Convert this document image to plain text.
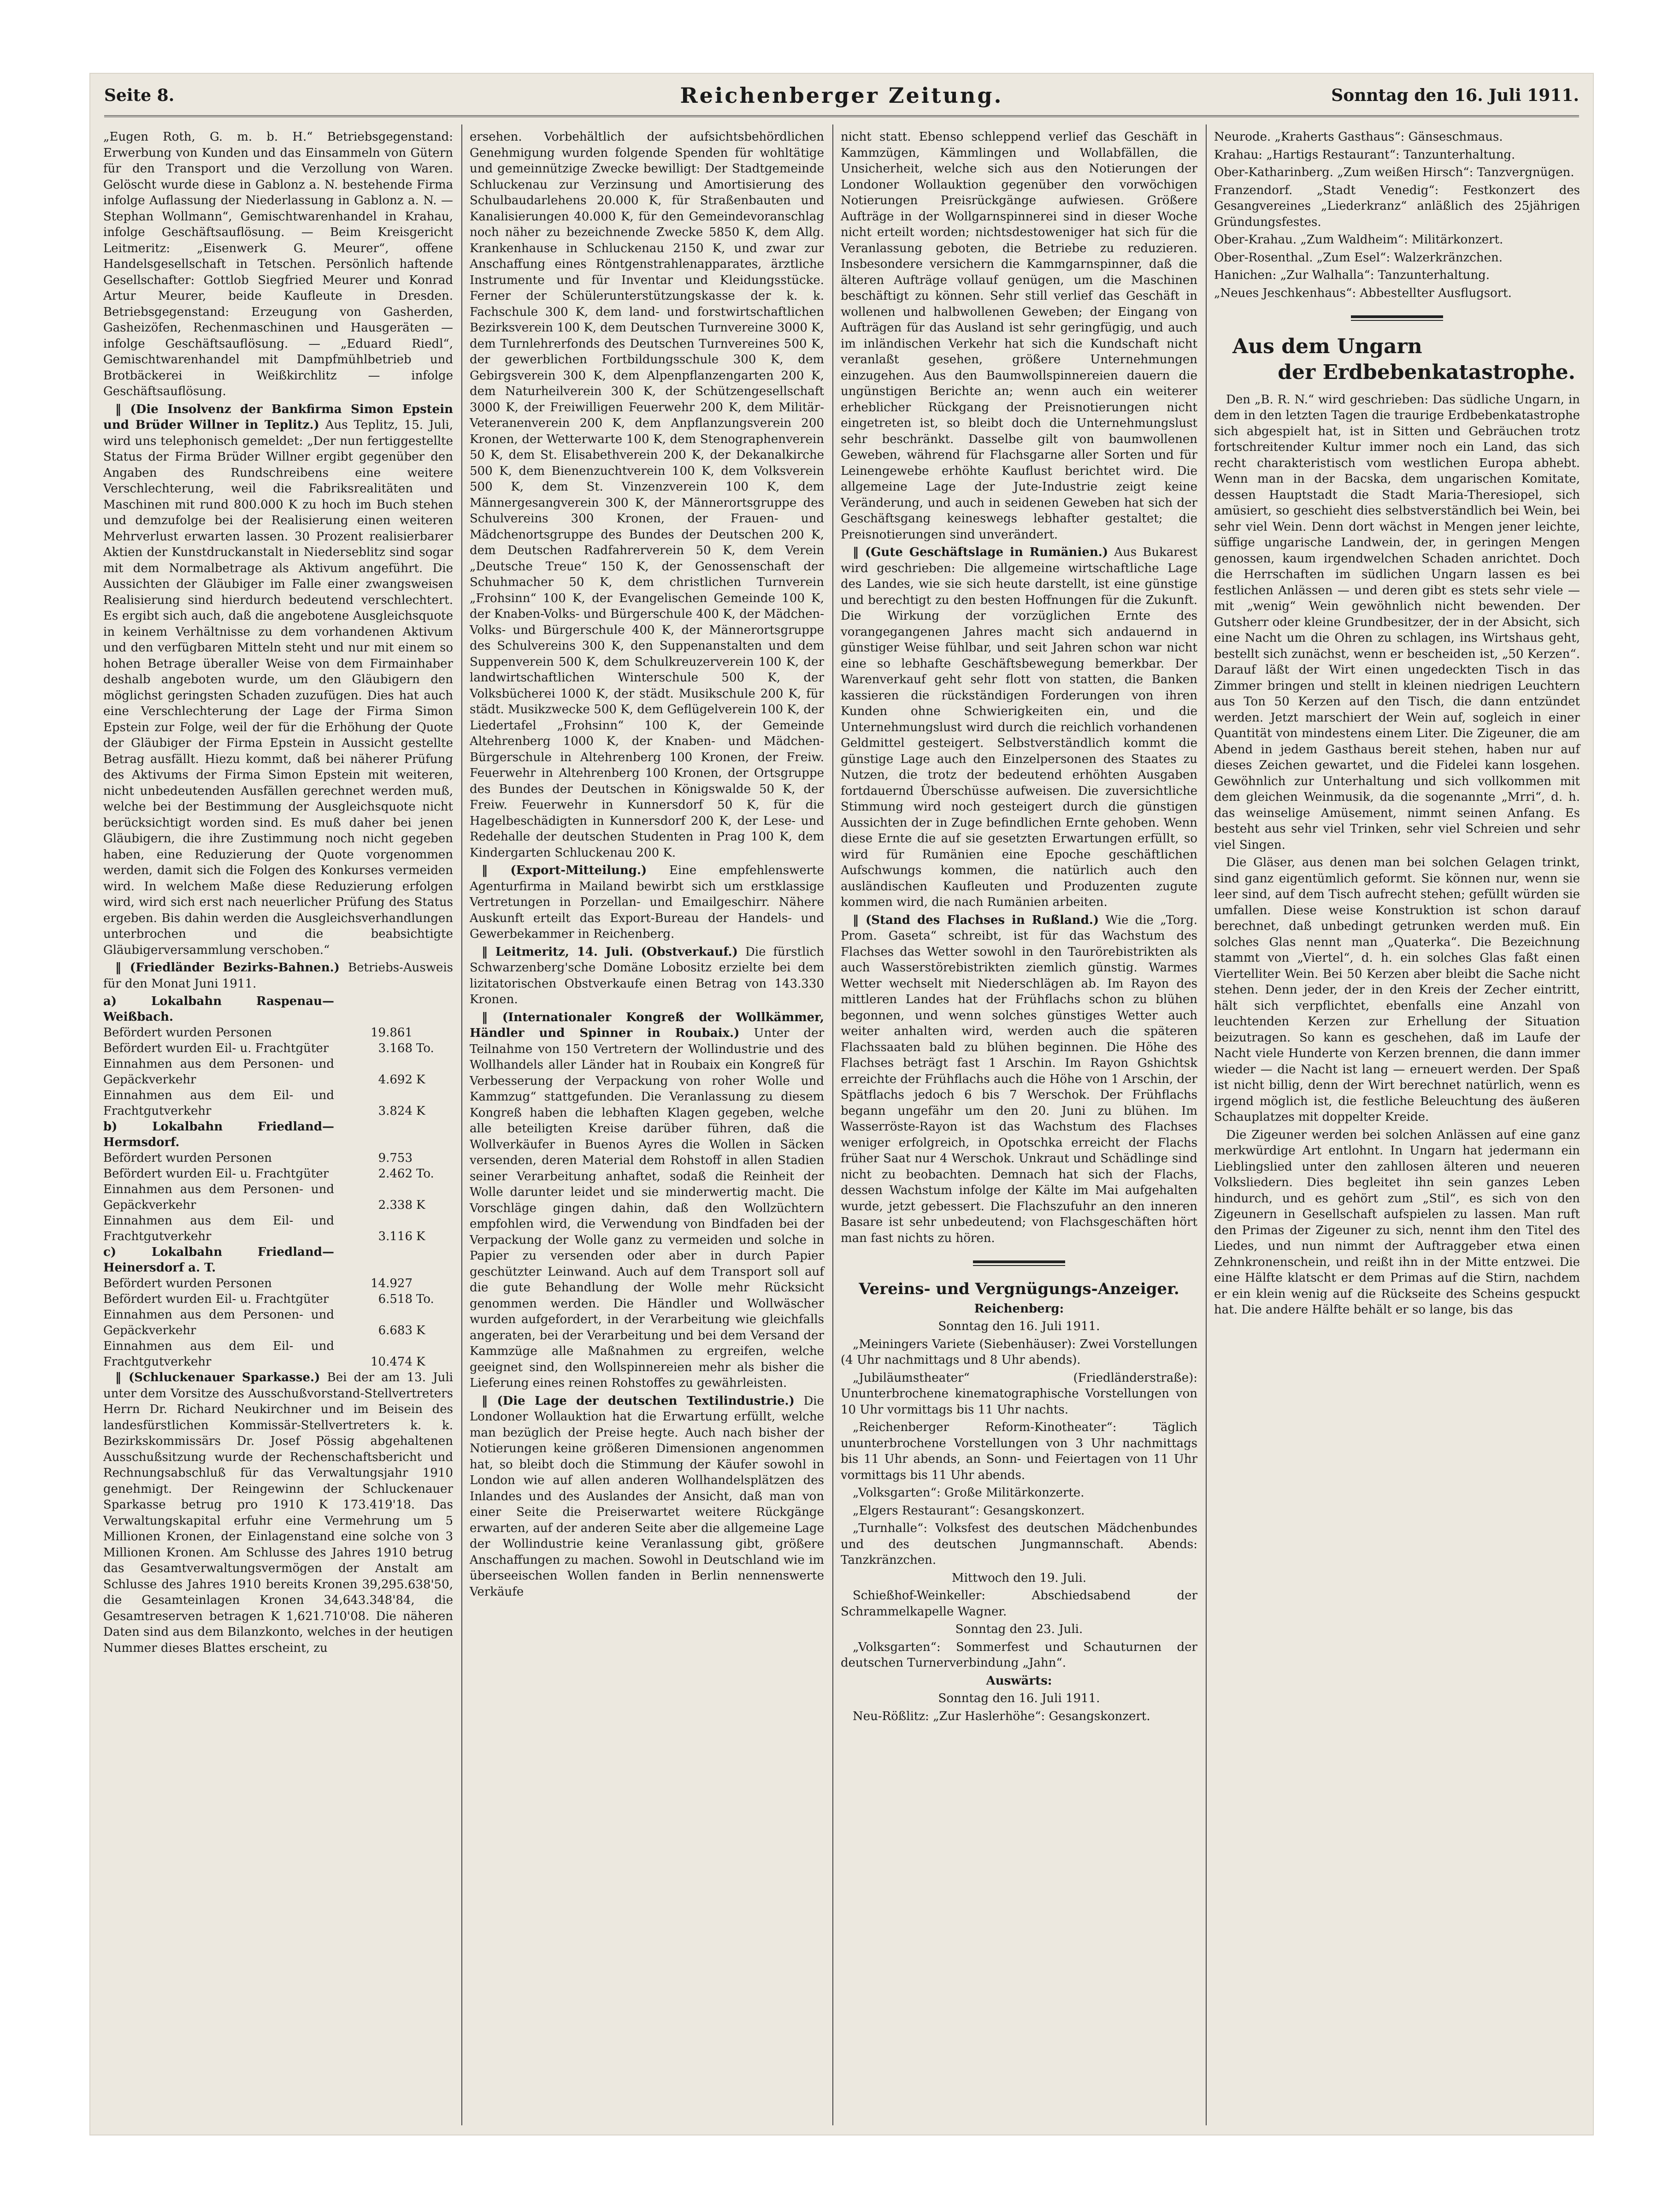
Seite 8.	Reichenberger Zeitung.	Sonntag den 16. Juli 1911.

„Eugen Roth, G. m. b. H.“ Betriebsgegenstand: Erwerbung von Kunden und das Einsammeln von Gütern für den Transport und die Verzollung von Waren. Gelöscht wurde diese in Gablonz a. N. bestehende Firma infolge Auflassung der Niederlassung in Gablonz a. N. — Stephan Wollmann“, Gemischtwarenhandel in Krahau, infolge Geschäftsauflösung. — Beim Kreisgericht Leitmeritz: „Eisenwerk G. Meurer“, offene Handelsgesellschaft in Tetschen. Persönlich haftende Gesellschafter: Gottlob Siegfried Meurer und Konrad Artur Meurer, beide Kaufleute in Dresden. Betriebsgegenstand: Erzeugung von Gasherden, Gasheizöfen, Rechenmaschinen und Hausgeräten — infolge Geschäftsauflösung. — „Eduard Riedl“, Gemischtwarenhandel mit Dampfmühlbetrieb und Brotbäckerei in Weißkirchlitz — infolge Geschäftsauflösung.

‖ (Die Insolvenz der Bankfirma Simon Epstein und Brüder Willner in Teplitz.) Aus Teplitz, 15. Juli, wird uns telephonisch gemeldet: „Der nun fertiggestellte Status der Firma Brüder Willner ergibt gegenüber den Angaben des Rundschreibens eine weitere Verschlechterung, weil die Fabriksrealitäten und Maschinen mit rund 800.000 K zu hoch im Buch stehen und demzufolge bei der Realisierung einen weiteren Mehrverlust erwarten lassen. 30 Prozent realisierbarer Aktien der Kunstdruckanstalt in Niederseblitz sind sogar mit dem Normalbetrage als Aktivum angeführt. Die Aussichten der Gläubiger im Falle einer zwangsweisen Realisierung sind hierdurch bedeutend verschlechtert. Es ergibt sich auch, daß die angebotene Ausgleichsquote in keinem Verhältnisse zu dem vorhandenen Aktivum und den verfügbaren Mitteln steht und nur mit einem so hohen Betrage überaller Weise von dem Firmainhaber deshalb angeboten wurde, um den Gläubigern den möglichst geringsten Schaden zuzufügen. Dies hat auch eine Verschlechterung der Lage der Firma Simon Epstein zur Folge, weil der für die Erhöhung der Quote der Gläubiger der Firma Epstein in Aussicht gestellte Betrag ausfällt. Hiezu kommt, daß bei näherer Prüfung des Aktivums der Firma Simon Epstein mit weiteren, nicht unbedeutenden Ausfällen gerechnet werden muß, welche bei der Bestimmung der Ausgleichsquote nicht berücksichtigt worden sind. Es muß daher bei jenen Gläubigern, die ihre Zustimmung noch nicht gegeben haben, eine Reduzierung der Quote vorgenommen werden, damit sich die Folgen des Konkurses vermeiden wird. In welchem Maße diese Reduzierung erfolgen wird, wird sich erst nach neuerlicher Prüfung des Status ergeben. Bis dahin werden die Ausgleichsverhandlungen unterbrochen und die beabsichtigte Gläubigerversammlung verschoben.“

‖ (Friedländer Bezirks-Bahnen.) Betriebs-Ausweis für den Monat Juni 1911.

a) Lokalbahn Raspenau—Weißbach.		
Befördert wurden Personen	19.861	
Befördert wurden Eil- u. Frachtgüter	3.168	To.
Einnahmen aus dem Personen- und Gepäckverkehr	4.692	K
Einnahmen aus dem Eil- und Frachtgutverkehr	3.824	K
b) Lokalbahn Friedland—Hermsdorf.		
Befördert wurden Personen	9.753	
Befördert wurden Eil- u. Frachtgüter	2.462	To.
Einnahmen aus dem Personen- und Gepäckverkehr	2.338	K
Einnahmen aus dem Eil- und Frachtgutverkehr	3.116	K
c) Lokalbahn Friedland—Heinersdorf a. T.		
Befördert wurden Personen	14.927	
Befördert wurden Eil- u. Frachtgüter	6.518	To.
Einnahmen aus dem Personen- und Gepäckverkehr	6.683	K
Einnahmen aus dem Eil- und Frachtgutverkehr	10.474	K

‖ (Schluckenauer Sparkasse.) Bei der am 13. Juli unter dem Vorsitze des Ausschußvorstand-Stellvertreters Herrn Dr. Richard Neukirchner und im Beisein des landesfürstlichen Kommissär-Stellvertreters k. k. Bezirkskommissärs Dr. Josef Pössig abgehaltenen Ausschußsitzung wurde der Rechenschaftsbericht und Rechnungsabschluß für das Verwaltungsjahr 1910 genehmigt. Der Reingewinn der Schluckenauer Sparkasse betrug pro 1910 K 173.419'18. Das Verwaltungskapital erfuhr eine Vermehrung um 5 Millionen Kronen, der Einlagenstand eine solche von 3 Millionen Kronen. Am Schlusse des Jahres 1910 betrug das Gesamtverwaltungsvermögen der Anstalt am Schlusse des Jahres 1910 bereits Kronen 39,295.638'50, die Gesamteinlagen Kronen 34,643.348'84, die Gesamtreserven betragen K 1,621.710'08. Die näheren Daten sind aus dem Bilanzkonto, welches in der heutigen Nummer dieses Blattes erscheint, zu

ersehen. Vorbehältlich der aufsichtsbehördlichen Genehmigung wurden folgende Spenden für wohltätige und gemeinnützige Zwecke bewilligt: Der Stadtgemeinde Schluckenau zur Verzinsung und Amortisierung des Schulbaudarlehens 20.000 K, für Straßenbauten und Kanalisierungen 40.000 K, für den Gemeindevoranschlag noch näher zu bezeichnende Zwecke 5850 K, dem Allg. Krankenhause in Schluckenau 2150 K, und zwar zur Anschaffung eines Röntgenstrahlenapparates, ärztliche Instrumente und für Inventar und Kleidungsstücke. Ferner der Schülerunterstützungskasse der k. k. Fachschule 300 K, dem land- und forstwirtschaftlichen Bezirksverein 100 K, dem Deutschen Turnvereine 3000 K, dem Turnlehrerfonds des Deutschen Turnvereines 500 K, der gewerblichen Fortbildungsschule 300 K, dem Gebirgsverein 300 K, dem Alpenpflanzengarten 200 K, dem Naturheilverein 300 K, der Schützengesellschaft 3000 K, der Freiwilligen Feuerwehr 200 K, dem Militär-Veteranenverein 200 K, dem Anpflanzungsverein 200 Kronen, der Wetterwarte 100 K, dem Stenographenverein 50 K, dem St. Elisabethverein 200 K, der Dekanalkirche 500 K, dem Bienenzuchtverein 100 K, dem Volksverein 500 K, dem St. Vinzenzverein 100 K, dem Männergesangverein 300 K, der Männerortsgruppe des Schulvereins 300 Kronen, der Frauen- und Mädchenortsgruppe des Bundes der Deutschen 200 K, dem Deutschen Radfahrerverein 50 K, dem Verein „Deutsche Treue“ 150 K, der Genossenschaft der Schuhmacher 50 K, dem christlichen Turnverein „Frohsinn“ 100 K, der Evangelischen Gemeinde 100 K, der Knaben-Volks- und Bürgerschule 400 K, der Mädchen-Volks- und Bürgerschule 400 K, der Männerortsgruppe des Schulvereins 300 K, den Suppenanstalten und dem Suppenverein 500 K, dem Schulkreuzerverein 100 K, der landwirtschaftlichen Winterschule 500 K, der Volksbücherei 1000 K, der städt. Musikschule 200 K, für städt. Musikzwecke 500 K, dem Geflügelverein 100 K, der Liedertafel „Frohsinn“ 100 K, der Gemeinde Altehrenberg 1000 K, der Knaben- und Mädchen-Bürgerschule in Altehrenberg 100 Kronen, der Freiw. Feuerwehr in Altehrenberg 100 Kronen, der Ortsgruppe des Bundes der Deutschen in Königswalde 50 K, der Freiw. Feuerwehr in Kunnersdorf 50 K, für die Hagelbeschädigten in Kunnersdorf 200 K, der Lese- und Redehalle der deutschen Studenten in Prag 100 K, dem Kindergarten Schluckenau 200 K.

‖ (Export-Mitteilung.) Eine empfehlenswerte Agenturfirma in Mailand bewirbt sich um erstklassige Vertretungen in Porzellan- und Emailgeschirr. Nähere Auskunft erteilt das Export-Bureau der Handels- und Gewerbekammer in Reichenberg.

‖ Leitmeritz, 14. Juli. (Obstverkauf.) Die fürstlich Schwarzenberg'sche Domäne Lobositz erzielte bei dem lizitatorischen Obstverkaufe einen Betrag von 143.330 Kronen.

‖ (Internationaler Kongreß der Wollkämmer, Händler und Spinner in Roubaix.) Unter der Teilnahme von 150 Vertretern der Wollindustrie und des Wollhandels aller Länder hat in Roubaix ein Kongreß für Verbesserung der Verpackung von roher Wolle und Kammzug“ stattgefunden. Die Veranlassung zu diesem Kongreß haben die lebhaften Klagen gegeben, welche alle beteiligten Kreise darüber führen, daß die Wollverkäufer in Buenos Ayres die Wollen in Säcken versenden, deren Material dem Rohstoff in allen Stadien seiner Verarbeitung anhaftet, sodaß die Reinheit der Wolle darunter leidet und sie minderwertig macht. Die Vorschläge gingen dahin, daß den Wollzüchtern empfohlen wird, die Verwendung von Bindfaden bei der Verpackung der Wolle ganz zu vermeiden und solche in Papier zu versenden oder aber in durch Papier geschützter Leinwand. Auch auf dem Transport soll auf die gute Behandlung der Wolle mehr Rücksicht genommen werden. Die Händler und Wollwäscher wurden aufgefordert, in der Verarbeitung wie gleichfalls angeraten, bei der Verarbeitung und bei dem Versand der Kammzüge alle Maßnahmen zu ergreifen, welche geeignet sind, den Wollspinnereien mehr als bisher die Lieferung eines reinen Rohstoffes zu gewährleisten.

‖ (Die Lage der deutschen Textilindustrie.) Die Londoner Wollauktion hat die Erwartung erfüllt, welche man bezüglich der Preise hegte. Auch nach bisher der Notierungen keine größeren Dimensionen angenommen hat, so bleibt doch die Stimmung der Käufer sowohl in London wie auf allen anderen Wollhandelsplätzen des Inlandes und des Auslandes der Ansicht, daß man von einer Seite die Preiserwartet weitere Rückgänge erwarten, auf der anderen Seite aber die allgemeine Lage der Wollindustrie keine Veranlassung gibt, größere Anschaffungen zu machen. Sowohl in Deutschland wie im überseeischen Wollen fanden in Berlin nennenswerte Verkäufe

nicht statt. Ebenso schleppend verlief das Geschäft in Kammzügen, Kämmlingen und Wollabfällen, die Unsicherheit, welche sich aus den Notierungen der Londoner Wollauktion gegenüber den vorwöchigen Notierungen Preisrückgänge aufwiesen. Größere Aufträge in der Wollgarnspinnerei sind in dieser Woche nicht erteilt worden; nichtsdestoweniger hat sich für die Veranlassung geboten, die Betriebe zu reduzieren. Insbesondere versichern die Kammgarnspinner, daß die älteren Aufträge vollauf genügen, um die Maschinen beschäftigt zu können. Sehr still verlief das Geschäft in wollenen und halbwollenen Geweben; der Eingang von Aufträgen für das Ausland ist sehr geringfügig, und auch im inländischen Verkehr hat sich die Kundschaft nicht veranlaßt gesehen, größere Unternehmungen einzugehen. Aus den Baumwollspinnereien dauern die ungünstigen Berichte an; wenn auch ein weiterer erheblicher Rückgang der Preisnotierungen nicht eingetreten ist, so bleibt doch die Unternehmungslust sehr beschränkt. Dasselbe gilt von baumwollenen Geweben, während für Flachsgarne aller Sorten und für Leinengewebe erhöhte Kauflust berichtet wird. Die allgemeine Lage der Jute-Industrie zeigt keine Veränderung, und auch in seidenen Geweben hat sich der Geschäftsgang keineswegs lebhafter gestaltet; die Preisnotierungen sind unverändert.

‖ (Gute Geschäftslage in Rumänien.) Aus Bukarest wird geschrieben: Die allgemeine wirtschaftliche Lage des Landes, wie sie sich heute darstellt, ist eine günstige und berechtigt zu den besten Hoffnungen für die Zukunft. Die Wirkung der vorzüglichen Ernte des vorangegangenen Jahres macht sich andauernd in günstiger Weise fühlbar, und seit Jahren schon war nicht eine so lebhafte Geschäftsbewegung bemerkbar. Der Warenverkauf geht sehr flott von statten, die Banken kassieren die rückständigen Forderungen von ihren Kunden ohne Schwierigkeiten ein, und die Unternehmungslust wird durch die reichlich vorhandenen Geldmittel gesteigert. Selbstverständlich kommt die günstige Lage auch den Einzelpersonen des Staates zu Nutzen, die trotz der bedeutend erhöhten Ausgaben fortdauernd Überschüsse aufweisen. Die zuversichtliche Stimmung wird noch gesteigert durch die günstigen Aussichten der in Zuge befindlichen Ernte gehoben. Wenn diese Ernte die auf sie gesetzten Erwartungen erfüllt, so wird für Rumänien eine Epoche geschäftlichen Aufschwungs kommen, die natürlich auch den ausländischen Kaufleuten und Produzenten zugute kommen wird, die nach Rumänien arbeiten.

‖ (Stand des Flachses in Rußland.) Wie die „Torg. Prom. Gaseta“ schreibt, ist für das Wachstum des Flachses das Wetter sowohl in den Taurörebistrikten als auch Wasserstörebistrikten ziemlich günstig. Warmes Wetter wechselt mit Niederschlägen ab. Im Rayon des mittleren Landes hat der Frühflachs schon zu blühen begonnen, und wenn solches günstiges Wetter auch weiter anhalten wird, werden auch die späteren Flachssaaten bald zu blühen beginnen. Die Höhe des Flachses beträgt fast 1 Arschin. Im Rayon Gshichtsk erreichte der Frühflachs auch die Höhe von 1 Arschin, der Spätflachs jedoch 6 bis 7 Werschok. Der Frühflachs begann ungefähr um den 20. Juni zu blühen. Im Wasserröste-Rayon ist das Wachstum des Flachses weniger erfolgreich, in Opotschka erreicht der Flachs früher Saat nur 4 Werschok. Unkraut und Schädlinge sind nicht zu beobachten. Demnach hat sich der Flachs, dessen Wachstum infolge der Kälte im Mai aufgehalten wurde, jetzt gebessert. Die Flachszufuhr an den inneren Basare ist sehr unbedeutend; von Flachsgeschäften hört man fast nichts zu hören.

Vereins- und Vergnügungs-Anzeiger.
Reichenberg:
Sonntag den 16. Juli 1911.

„Meiningers Variete (Siebenhäuser): Zwei Vorstellungen (4 Uhr nachmittags und 8 Uhr abends).

„Jubiläumstheater“ (Friedländerstraße): Ununterbrochene kinematographische Vorstellungen von 10 Uhr vormittags bis 11 Uhr nachts.

„Reichenberger Reform-Kinotheater“: Täglich ununterbrochene Vorstellungen von 3 Uhr nachmittags bis 11 Uhr abends, an Sonn- und Feiertagen von 11 Uhr vormittags bis 11 Uhr abends.

„Volksgarten“: Große Militärkonzerte.

„Elgers Restaurant“: Gesangskonzert.

„Turnhalle“: Volksfest des deutschen Mädchenbundes und des deutschen Jungmannschaft. Abends: Tanzkränzchen.

Mittwoch den 19. Juli.

Schießhof-Weinkeller: Abschiedsabend der Schrammelkapelle Wagner.

Sonntag den 23. Juli.

„Volksgarten“: Sommerfest und Schauturnen der deutschen Turnerverbindung „Jahn“.

Auswärts:
Sonntag den 16. Juli 1911.

Neu-Rößlitz: „Zur Haslerhöhe“: Gesangskonzert.

Neurode. „Kraherts Gasthaus“: Gänseschmaus.

Krahau: „Hartigs Restaurant“: Tanzunterhaltung.

Ober-Katharinberg. „Zum weißen Hirsch“: Tanzvergnügen.

Franzendorf. „Stadt Venedig“: Festkonzert des Gesangvereines „Liederkranz“ anläßlich des 25jährigen Gründungsfestes.

Ober-Krahau. „Zum Waldheim“: Militärkonzert.

Ober-Rosenthal. „Zum Esel“: Walzerkränzchen.

Hanichen: „Zur Walhalla“: Tanzunterhaltung.

„Neues Jeschkenhaus“: Abbestellter Ausflugsort.

Aus dem Ungarn
der Erdbebenkatastrophe.

Den „B. R. N.“ wird geschrieben: Das südliche Ungarn, in dem in den letzten Tagen die traurige Erdbebenkatastrophe sich abgespielt hat, ist in Sitten und Gebräuchen trotz fortschreitender Kultur immer noch ein Land, das sich recht charakteristisch vom westlichen Europa abhebt. Wenn man in der Bacska, dem ungarischen Komitate, dessen Hauptstadt die Stadt Maria-Theresiopel, sich amüsiert, so geschieht dies selbstverständlich bei Wein, bei sehr viel Wein. Denn dort wächst in Mengen jener leichte, süffige ungarische Landwein, der, in geringen Mengen genossen, kaum irgendwelchen Schaden anrichtet. Doch die Herrschaften im südlichen Ungarn lassen es bei festlichen Anlässen — und deren gibt es stets sehr viele — mit „wenig“ Wein gewöhnlich nicht bewenden. Der Gutsherr oder kleine Grundbesitzer, der in der Absicht, sich eine Nacht um die Ohren zu schlagen, ins Wirtshaus geht, bestellt sich zunächst, wenn er bescheiden ist, „50 Kerzen“. Darauf läßt der Wirt einen ungedeckten Tisch in das Zimmer bringen und stellt in kleinen niedrigen Leuchtern aus Ton 50 Kerzen auf den Tisch, die dann entzündet werden. Jetzt marschiert der Wein auf, sogleich in einer Quantität von mindestens einem Liter. Die Zigeuner, die am Abend in jedem Gasthaus bereit stehen, haben nur auf dieses Zeichen gewartet, und die Fidelei kann losgehen. Gewöhnlich zur Unterhaltung und sich vollkommen mit dem gleichen Weinmusik, da die sogenannte „Mrri“, d. h. das weinselige Amüsement, nimmt seinen Anfang. Es besteht aus sehr viel Trinken, sehr viel Schreien und sehr viel Singen.

Die Gläser, aus denen man bei solchen Gelagen trinkt, sind ganz eigentümlich geformt. Sie können nur, wenn sie leer sind, auf dem Tisch aufrecht stehen; gefüllt würden sie umfallen. Diese weise Konstruktion ist schon darauf berechnet, daß unbedingt getrunken werden muß. Ein solches Glas nennt man „Quaterka“. Die Bezeichnung stammt von „Viertel“, d. h. ein solches Glas faßt einen Viertelliter Wein. Bei 50 Kerzen aber bleibt die Sache nicht stehen. Denn jeder, der in den Kreis der Zecher eintritt, hält sich verpflichtet, ebenfalls eine Anzahl von leuchtenden Kerzen zur Erhellung der Situation beizutragen. So kann es geschehen, daß im Laufe der Nacht viele Hunderte von Kerzen brennen, die dann immer wieder — die Nacht ist lang — erneuert werden. Der Spaß ist nicht billig, denn der Wirt berechnet natürlich, wenn es irgend möglich ist, die festliche Beleuchtung des äußeren Schauplatzes mit doppelter Kreide.

Die Zigeuner werden bei solchen Anlässen auf eine ganz merkwürdige Art entlohnt. In Ungarn hat jedermann ein Lieblingslied unter den zahllosen älteren und neueren Volksliedern. Dies begleitet ihn sein ganzes Leben hindurch, und es gehört zum „Stil“, es sich von den Zigeunern in Gesellschaft aufspielen zu lassen. Man ruft den Primas der Zigeuner zu sich, nennt ihm den Titel des Liedes, und nun nimmt der Auftraggeber etwa einen Zehnkronenschein, und reißt ihn in der Mitte entzwei. Die eine Hälfte klatscht er dem Primas auf die Stirn, nachdem er ein klein wenig auf die Rückseite des Scheins gespuckt hat. Die andere Hälfte behält er so lange, bis das
